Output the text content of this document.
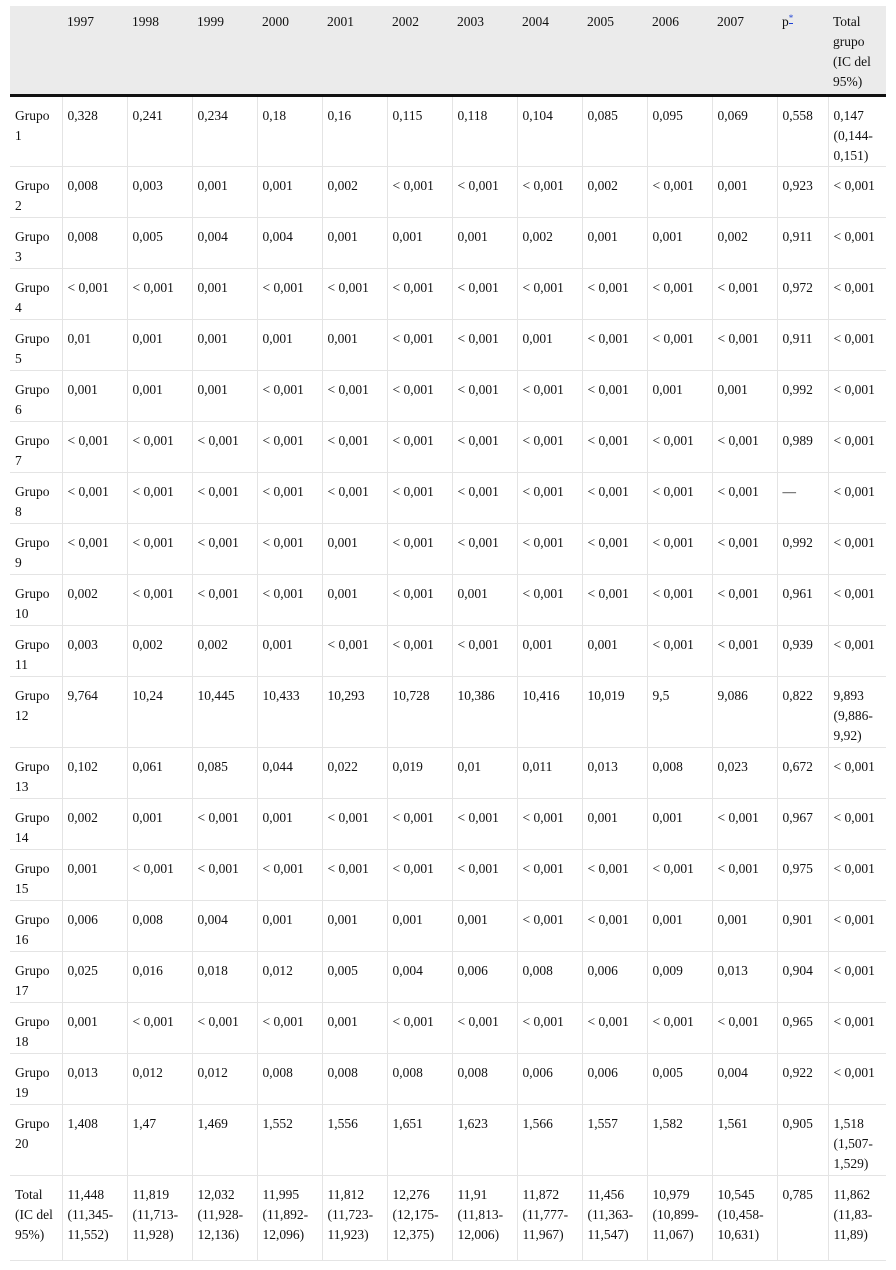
	1997	1998	1999	2000	2001	2002	2003	2004	2005	2006	2007	p*	Total grupo (IC del 95%)
Grupo 1	0,328	0,241	0,234	0,18	0,16	0,115	0,118	0,104	0,085	0,095	0,069	0,558	0,147 (0,144-0,151)
Grupo 2	0,008	0,003	0,001	0,001	0,002	< 0,001	< 0,001	< 0,001	0,002	< 0,001	0,001	0,923	< 0,001
Grupo 3	0,008	0,005	0,004	0,004	0,001	0,001	0,001	0,002	0,001	0,001	0,002	0,911	< 0,001
Grupo 4	< 0,001	< 0,001	0,001	< 0,001	< 0,001	< 0,001	< 0,001	< 0,001	< 0,001	< 0,001	< 0,001	0,972	< 0,001
Grupo 5	0,01	0,001	0,001	0,001	0,001	< 0,001	< 0,001	0,001	< 0,001	< 0,001	< 0,001	0,911	< 0,001
Grupo 6	0,001	0,001	0,001	< 0,001	< 0,001	< 0,001	< 0,001	< 0,001	< 0,001	0,001	0,001	0,992	< 0,001
Grupo 7	< 0,001	< 0,001	< 0,001	< 0,001	< 0,001	< 0,001	< 0,001	< 0,001	< 0,001	< 0,001	< 0,001	0,989	< 0,001
Grupo 8	< 0,001	< 0,001	< 0,001	< 0,001	< 0,001	< 0,001	< 0,001	< 0,001	< 0,001	< 0,001	< 0,001	—	< 0,001
Grupo 9	< 0,001	< 0,001	< 0,001	< 0,001	0,001	< 0,001	< 0,001	< 0,001	< 0,001	< 0,001	< 0,001	0,992	< 0,001
Grupo 10	0,002	< 0,001	< 0,001	< 0,001	0,001	< 0,001	0,001	< 0,001	< 0,001	< 0,001	< 0,001	0,961	< 0,001
Grupo 11	0,003	0,002	0,002	0,001	< 0,001	< 0,001	< 0,001	0,001	0,001	< 0,001	< 0,001	0,939	< 0,001
Grupo 12	9,764	10,24	10,445	10,433	10,293	10,728	10,386	10,416	10,019	9,5	9,086	0,822	9,893 (9,886-9,92)
Grupo 13	0,102	0,061	0,085	0,044	0,022	0,019	0,01	0,011	0,013	0,008	0,023	0,672	< 0,001
Grupo 14	0,002	0,001	< 0,001	0,001	< 0,001	< 0,001	< 0,001	< 0,001	0,001	0,001	< 0,001	0,967	< 0,001
Grupo 15	0,001	< 0,001	< 0,001	< 0,001	< 0,001	< 0,001	< 0,001	< 0,001	< 0,001	< 0,001	< 0,001	0,975	< 0,001
Grupo 16	0,006	0,008	0,004	0,001	0,001	0,001	0,001	< 0,001	< 0,001	0,001	0,001	0,901	< 0,001
Grupo 17	0,025	0,016	0,018	0,012	0,005	0,004	0,006	0,008	0,006	0,009	0,013	0,904	< 0,001
Grupo 18	0,001	< 0,001	< 0,001	< 0,001	0,001	< 0,001	< 0,001	< 0,001	< 0,001	< 0,001	< 0,001	0,965	< 0,001
Grupo 19	0,013	0,012	0,012	0,008	0,008	0,008	0,008	0,006	0,006	0,005	0,004	0,922	< 0,001
Grupo 20	1,408	1,47	1,469	1,552	1,556	1,651	1,623	1,566	1,557	1,582	1,561	0,905	1,518 (1,507-1,529)
Total (IC del 95%)	11,448 (11,345-11,552)	11,819 (11,713-11,928)	12,032 (11,928-12,136)	11,995 (11,892-12,096)	11,812 (11,723-11,923)	12,276 (12,175-12,375)	11,91 (11,813-12,006)	11,872 (11,777-11,967)	11,456 (11,363-11,547)	10,979 (10,899-11,067)	10,545 (10,458-10,631)	0,785	11,862 (11,83-11,89)
